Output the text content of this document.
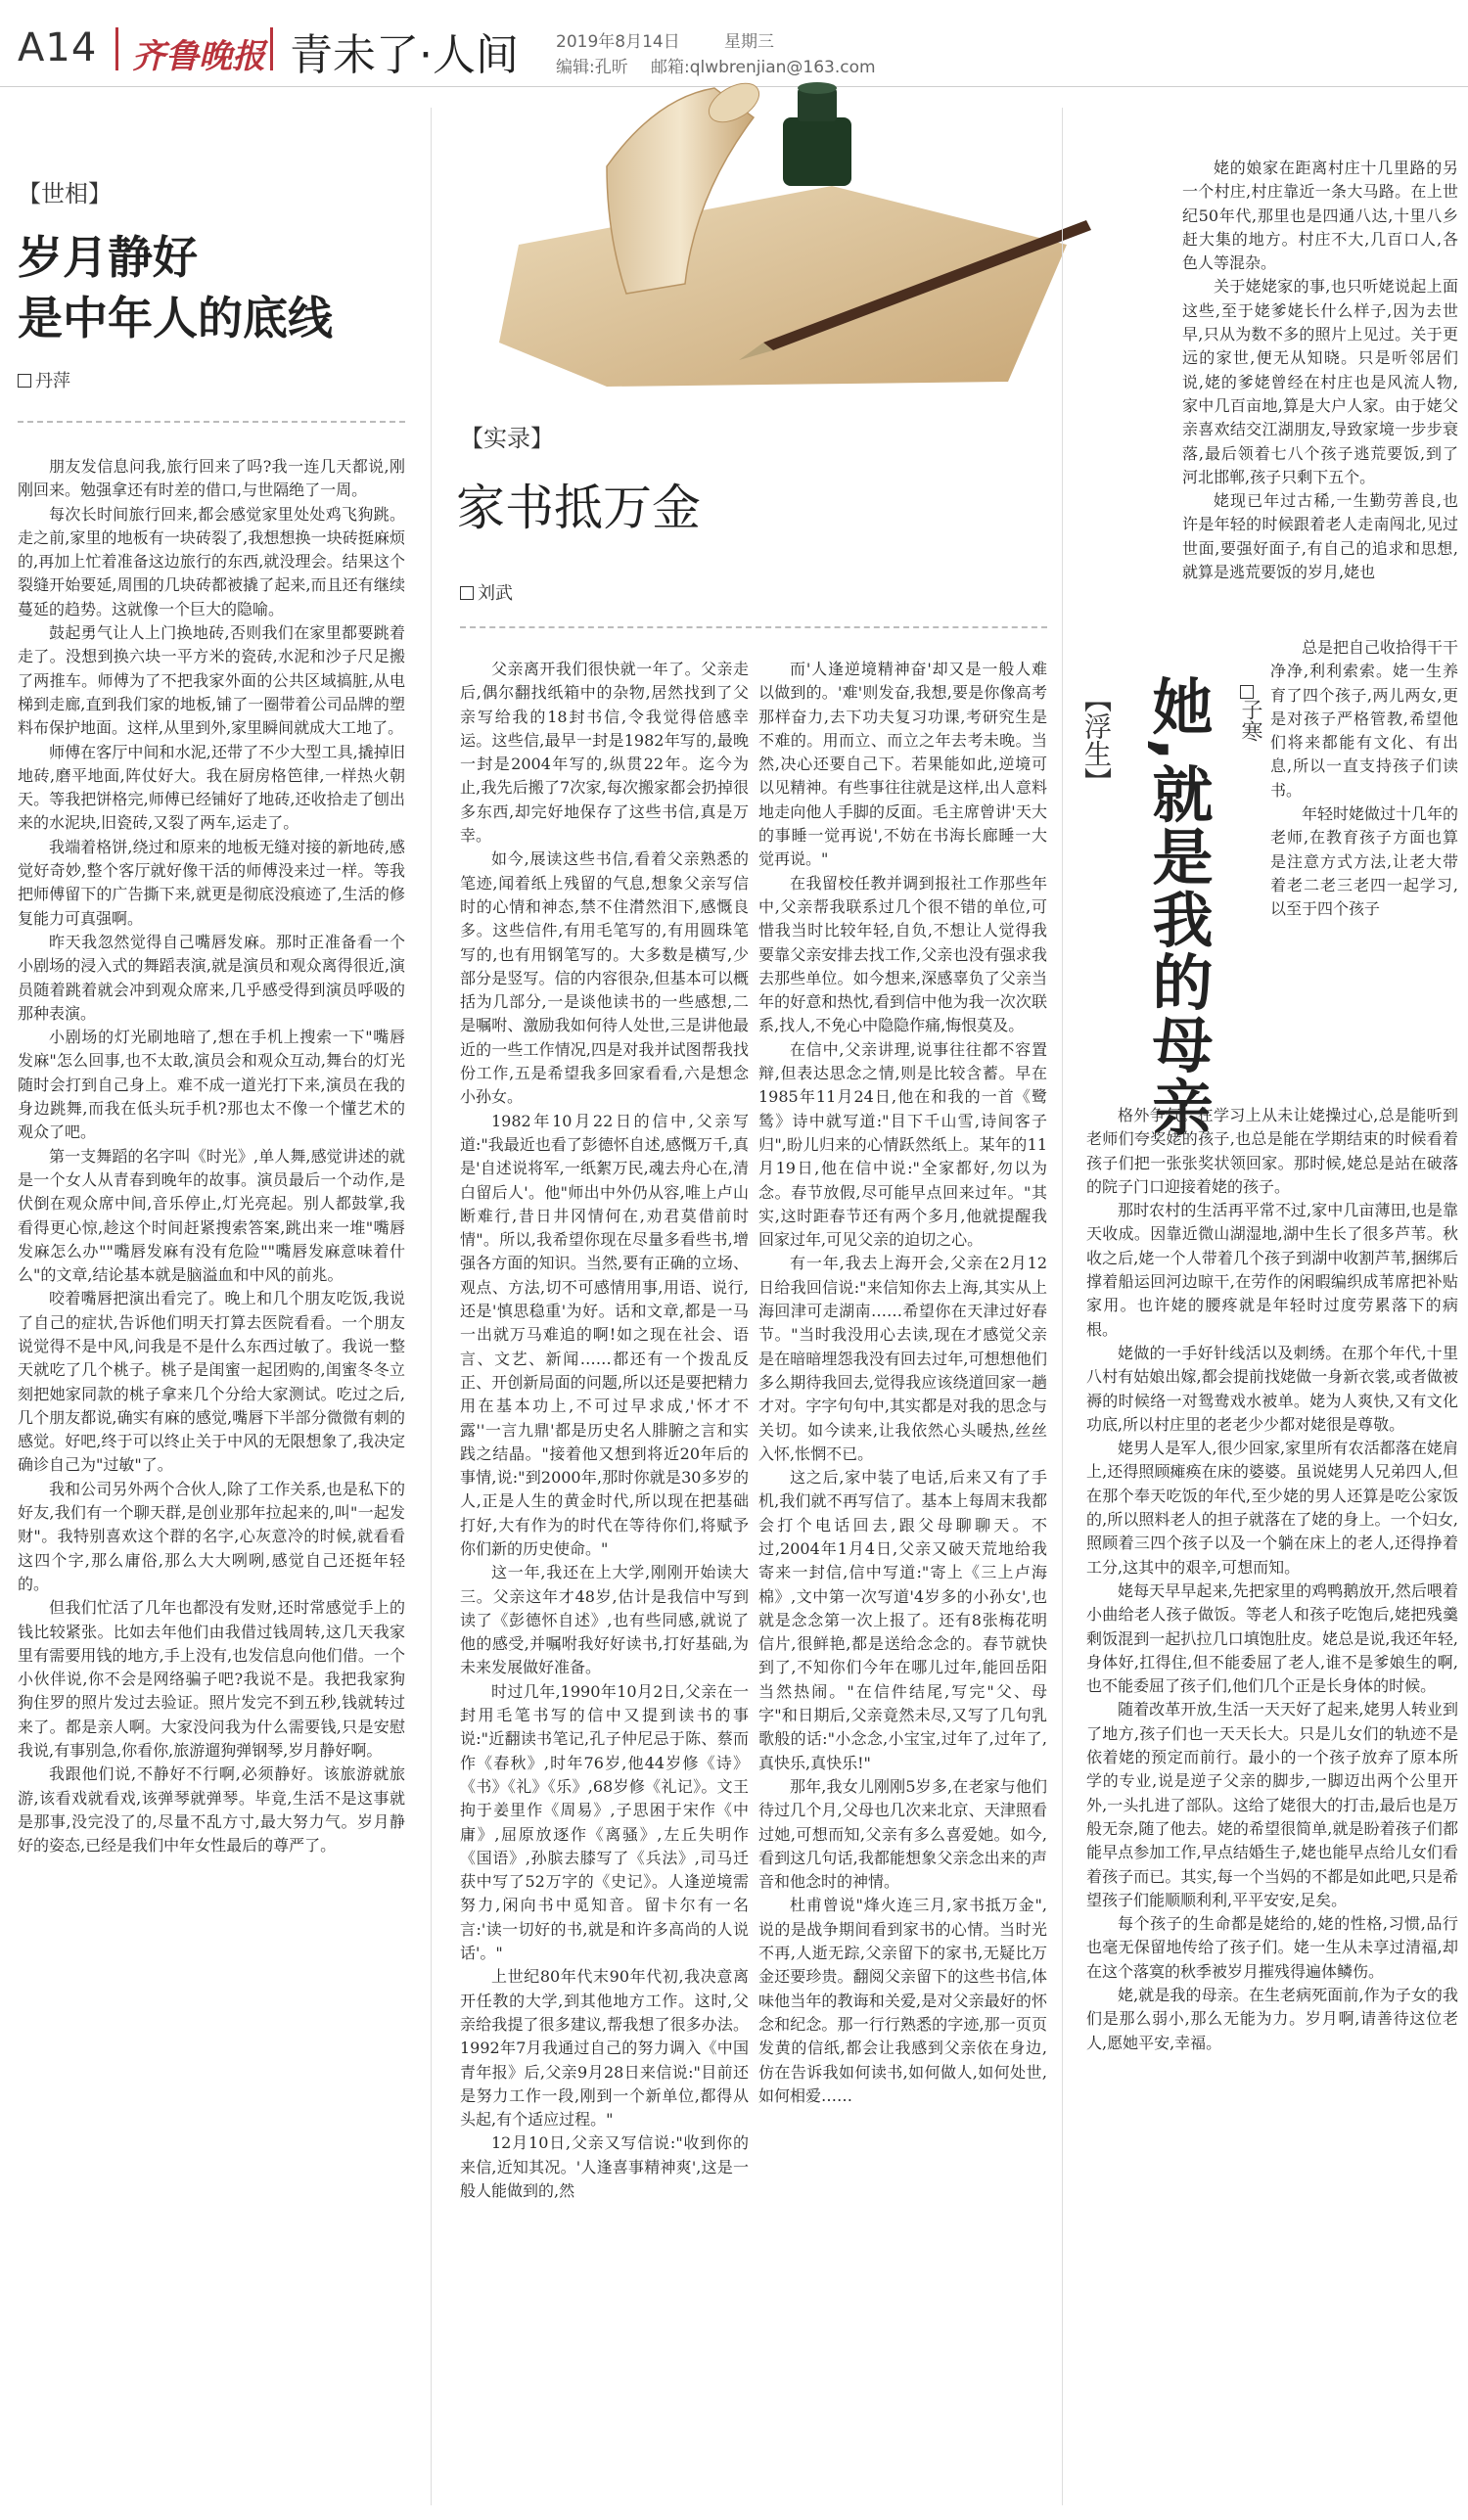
A14 齐鲁晚报 青未了·人间 2019年8月14日	星期三
编辑:孔昕 邮箱:qlwbrenjian@163.com
【世相】
岁月静好
是中年人的底线
丹萍

朋友发信息问我,旅行回来了吗?我一连几天都说,刚刚回来。勉强拿还有时差的借口,与世隔绝了一周。

每次长时间旅行回来,都会感觉家里处处鸡飞狗跳。走之前,家里的地板有一块砖裂了,我想想换一块砖挺麻烦的,再加上忙着准备这边旅行的东西,就没理会。结果这个裂缝开始要延,周围的几块砖都被撬了起来,而且还有继续蔓延的趋势。这就像一个巨大的隐喻。

鼓起勇气让人上门换地砖,否则我们在家里都要跳着走了。没想到换六块一平方米的瓷砖,水泥和沙子尺足搬了两推车。师傅为了不把我家外面的公共区域搞脏,从电梯到走廊,直到我们家的地板,铺了一圈带着公司品牌的塑料布保护地面。这样,从里到外,家里瞬间就成大工地了。

师傅在客厅中间和水泥,还带了不少大型工具,撬掉旧地砖,磨平地面,阵仗好大。我在厨房格笆律,一样热火朝天。等我把饼格完,师傅已经铺好了地砖,还收拾走了刨出来的水泥块,旧瓷砖,又裂了两车,运走了。

我端着格饼,绕过和原来的地板无缝对接的新地砖,感觉好奇妙,整个客厅就好像干活的师傅没来过一样。等我把师傅留下的广告撕下来,就更是彻底没痕迹了,生活的修复能力可真强啊。

昨天我忽然觉得自己嘴唇发麻。那时正准备看一个小剧场的浸入式的舞蹈表演,就是演员和观众离得很近,演员随着跳着就会冲到观众席来,几乎感受得到演员呼吸的那种表演。

小剧场的灯光刷地暗了,想在手机上搜索一下"嘴唇发麻"怎么回事,也不太敢,演员会和观众互动,舞台的灯光随时会打到自己身上。难不成一道光打下来,演员在我的身边跳舞,而我在低头玩手机?那也太不像一个懂艺术的观众了吧。

第一支舞蹈的名字叫《时光》,单人舞,感觉讲述的就是一个女人从青春到晚年的故事。演员最后一个动作,是伏倒在观众席中间,音乐停止,灯光亮起。别人都鼓掌,我看得更心惊,趁这个时间赶紧搜索答案,跳出来一堆"嘴唇发麻怎么办""嘴唇发麻有没有危险""嘴唇发麻意味着什么"的文章,结论基本就是脑溢血和中风的前兆。

咬着嘴唇把演出看完了。晚上和几个朋友吃饭,我说了自己的症状,告诉他们明天打算去医院看看。一个朋友说觉得不是中风,问我是不是什么东西过敏了。我说一整天就吃了几个桃子。桃子是闺蜜一起团购的,闺蜜冬冬立刻把她家同款的桃子拿来几个分给大家测试。吃过之后,几个朋友都说,确实有麻的感觉,嘴唇下半部分微微有刺的感觉。好吧,终于可以终止关于中风的无限想象了,我决定确诊自己为"过敏"了。

我和公司另外两个合伙人,除了工作关系,也是私下的好友,我们有一个聊天群,是创业那年拉起来的,叫"一起发财"。我特别喜欢这个群的名字,心灰意冷的时候,就看看这四个字,那么庸俗,那么大大咧咧,感觉自己还挺年轻的。

但我们忙活了几年也都没有发财,还时常感觉手上的钱比较紧张。比如去年他们由我借过钱周转,这几天我家里有需要用钱的地方,手上没有,也发信息向他们借。一个小伙伴说,你不会是网络骗子吧?我说不是。我把我家狗狗住罗的照片发过去验证。照片发完不到五秒,钱就转过来了。都是亲人啊。大家没问我为什么需要钱,只是安慰我说,有事别急,你看你,旅游遛狗弹钢琴,岁月静好啊。

我跟他们说,不静好不行啊,必须静好。该旅游就旅游,该看戏就看戏,该弹琴就弹琴。毕竟,生活不是这事就是那事,没完没了的,尽量不乱方寸,最大努力气。岁月静好的姿态,已经是我们中年女性最后的尊严了。

【实录】
家书抵万金
刘武

父亲离开我们很快就一年了。父亲走后,偶尔翻找纸箱中的杂物,居然找到了父亲写给我的18封书信,令我觉得倍感幸运。这些信,最早一封是1982年写的,最晚一封是2004年写的,纵贯22年。迄今为止,我先后搬了7次家,每次搬家都会扔掉很多东西,却完好地保存了这些书信,真是万幸。

如今,展读这些书信,看着父亲熟悉的笔迹,闻着纸上残留的气息,想象父亲写信时的心情和神态,禁不住潸然泪下,感慨良多。这些信件,有用毛笔写的,有用圆珠笔写的,也有用钢笔写的。大多数是横写,少部分是竖写。信的内容很杂,但基本可以概括为几部分,一是谈他读书的一些感想,二是嘱咐、激励我如何待人处世,三是讲他最近的一些工作情况,四是对我并试图帮我找份工作,五是希望我多回家看看,六是想念小孙女。

1982年10月22日的信中,父亲写道:"我最近也看了彭德怀自述,感慨万千,真是'自述说将军,一纸絮万民,魂去舟心在,清白留后人'。他"师出中外仍从容,唯上卢山断难行,昔日井冈情何在,劝君莫借前时情"。所以,我希望你现在尽量多看些书,增强各方面的知识。当然,要有正确的立场、观点、方法,切不可感情用事,用语、说行,还是'慎思稳重'为好。话和文章,都是一马一出就万马难追的啊!如之现在社会、语言、文艺、新闻……都还有一个拨乱反正、开创新局面的问题,所以还是要把精力用在基本功上,不可过早求成,'怀才不露''一言九鼎'都是历史名人腓腑之言和实践之结晶。"接着他又想到将近20年后的事情,说:"到2000年,那时你就是30多岁的人,正是人生的黄金时代,所以现在把基础打好,大有作为的时代在等待你们,将赋予你们新的历史使命。"

这一年,我还在上大学,刚刚开始读大三。父亲这年才48岁,估计是我信中写到读了《彭德怀自述》,也有些同感,就说了他的感受,并嘱咐我好好读书,打好基础,为未来发展做好准备。

时过几年,1990年10月2日,父亲在一封用毛笔书写的信中又提到读书的事说:"近翻读书笔记,孔子仲尼忌于陈、蔡而作《春秋》,时年76岁,他44岁修《诗》《书》《礼》《乐》,68岁修《礼记》。文王拘于姜里作《周易》,子思困于宋作《中庸》,屈原放逐作《离骚》,左丘失明作《国语》,孙膑去膝写了《兵法》,司马迁获中写了52万字的《史记》。人逢逆境需努力,闲向书中觅知音。留卡尔有一名言:'读一切好的书,就是和许多高尚的人说话'。"

上世纪80年代末90年代初,我决意离开任教的大学,到其他地方工作。这时,父亲给我提了很多建议,帮我想了很多办法。1992年7月我通过自己的努力调入《中国青年报》后,父亲9月28日来信说:"目前还是努力工作一段,刚到一个新单位,都得从头起,有个适应过程。"

12月10日,父亲又写信说:"收到你的来信,近知其况。'人逢喜事精神爽',这是一般人能做到的,然

而'人逢逆境精神奋'却又是一般人难以做到的。'难'则发奋,我想,要是你像高考那样奋力,去下功夫复习功课,考研究生是不难的。用而立、而立之年去考未晚。当然,决心还要自己下。若果能如此,逆境可以见精神。有些事往往就是这样,出人意料地走向他人手脚的反面。毛主席曾讲'天大的事睡一觉再说',不妨在书海长廊睡一大觉再说。"

在我留校任教并调到报社工作那些年中,父亲帮我联系过几个很不错的单位,可惜我当时比较年轻,自负,不想让人觉得我要靠父亲安排去找工作,父亲也没有强求我去那些单位。如今想来,深感辜负了父亲当年的好意和热忱,看到信中他为我一次次联系,找人,不免心中隐隐作痛,悔恨莫及。

在信中,父亲讲理,说事往往都不容置辩,但表达思念之情,则是比较含蓄。早在1985年11月24日,他在和我的一首《鹭鸶》诗中就写道:"目下千山雪,诗间客子归",盼儿归来的心情跃然纸上。某年的11月19日,他在信中说:"全家都好,勿以为念。春节放假,尽可能早点回来过年。"其实,这时距春节还有两个多月,他就提醒我回家过年,可见父亲的迫切之心。

有一年,我去上海开会,父亲在2月12日给我回信说:"来信知你去上海,其实从上海回津可走湖南……希望你在天津过好春节。"当时我没用心去读,现在才感觉父亲是在暗暗埋怨我没有回去过年,可想想他们多么期待我回去,觉得我应该绕道回家一趟才对。字字句句中,其实都是对我的思念与关切。如今读来,让我依然心头暖热,丝丝入怀,怅惘不已。

这之后,家中装了电话,后来又有了手机,我们就不再写信了。基本上每周末我都会打个电话回去,跟父母聊聊天。不过,2004年1月4日,父亲又破天荒地给我寄来一封信,信中写道:"寄上《三上卢海棉》,文中第一次写道'4岁多的小孙女',也就是念念第一次上报了。还有8张梅花明信片,很鲜艳,都是送给念念的。春节就快到了,不知你们今年在哪儿过年,能回岳阳当然热闹。"在信件结尾,写完"父、母字"和日期后,父亲竟然未尽,又写了几句乳歌般的话:"小念念,小宝宝,过年了,过年了,真快乐,真快乐!"

那年,我女儿刚刚5岁多,在老家与他们待过几个月,父母也几次来北京、天津照看过她,可想而知,父亲有多么喜爱她。如今,看到这几句话,我都能想象父亲念出来的声音和他念时的神情。

杜甫曾说"烽火连三月,家书抵万金",说的是战争期间看到家书的心情。当时光不再,人逝无踪,父亲留下的家书,无疑比万金还要珍贵。翻阅父亲留下的这些书信,体味他当年的教诲和关爱,是对父亲最好的怀念和纪念。那一行行熟悉的字迹,那一页页发黄的信纸,都会让我感到父亲依在身边,仿在告诉我如何读书,如何做人,如何处世,如何相爱……

姥的娘家在距离村庄十几里路的另一个村庄,村庄靠近一条大马路。在上世纪50年代,那里也是四通八达,十里八乡赶大集的地方。村庄不大,几百口人,各色人等混杂。

关于姥姥家的事,也只听姥说起上面这些,至于姥爹姥长什么样子,因为去世早,只从为数不多的照片上见过。关于更远的家世,便无从知晓。只是听邻居们说,姥的爹姥曾经在村庄也是风流人物,家中几百亩地,算是大户人家。由于姥父亲喜欢结交江湖朋友,导致家境一步步衰落,最后领着七八个孩子逃荒要饭,到了河北邯郸,孩子只剩下五个。

姥现已年过古稀,一生勤劳善良,也许是年轻的时候跟着老人走南闯北,见过世面,要强好面子,有自己的追求和思想,就算是逃荒要饭的岁月,姥也

【浮生】 她,就是我的母亲 子寒

总是把自己收拾得干干净净,利利索索。姥一生养育了四个孩子,两儿两女,更是对孩子严格管教,希望他们将来都能有文化、有出息,所以一直支持孩子们读书。

年轻时姥做过十几年的老师,在教育孩子方面也算是注意方式方法,让老大带着老二老三老四一起学习,以至于四个孩子

格外争气。在学习上从未让姥操过心,总是能听到老师们夸奖姥的孩子,也总是能在学期结束的时候看着孩子们把一张张奖状领回家。那时候,姥总是站在破落的院子门口迎接着姥的孩子。

那时农村的生活再平常不过,家中几亩薄田,也是靠天收成。因靠近微山湖湿地,湖中生长了很多芦苇。秋收之后,姥一个人带着几个孩子到湖中收割芦苇,捆绑后撑着船运回河边晾干,在劳作的闲暇编织成苇席把补贴家用。也许姥的腰疼就是年轻时过度劳累落下的病根。

姥做的一手好针线活以及刺绣。在那个年代,十里八村有姑娘出嫁,都会提前找姥做一身新衣裳,或者做被褥的时候络一对鸳鸯戏水被单。姥为人爽快,又有文化功底,所以村庄里的老老少少都对姥很是尊敬。

姥男人是军人,很少回家,家里所有农活都落在姥肩上,还得照顾瘫痪在床的婆婆。虽说姥男人兄弟四人,但在那个奉天吃饭的年代,至少姥的男人还算是吃公家饭的,所以照料老人的担子就落在了姥的身上。一个妇女,照顾着三四个孩子以及一个躺在床上的老人,还得挣着工分,这其中的艰辛,可想而知。

姥每天早早起来,先把家里的鸡鸭鹅放开,然后喂着小曲给老人孩子做饭。等老人和孩子吃饱后,姥把残羹剩饭混到一起扒拉几口填饱肚皮。姥总是说,我还年轻,身体好,扛得住,但不能委屈了老人,谁不是爹娘生的啊,也不能委屈了孩子们,他们几个正是长身体的时候。

随着改革开放,生活一天天好了起来,姥男人转业到了地方,孩子们也一天天长大。只是儿女们的轨迹不是依着姥的预定而前行。最小的一个孩子放弃了原本所学的专业,说是逆子父亲的脚步,一脚迈出两个公里开外,一头扎进了部队。这给了姥很大的打击,最后也是万般无奈,随了他去。姥的希望很简单,就是盼着孩子们都能早点参加工作,早点结婚生子,姥也能早点给儿女们看着孩子而已。其实,每一个当妈的不都是如此吧,只是希望孩子们能顺顺利利,平平安安,足矣。

每个孩子的生命都是姥给的,姥的性格,习惯,品行也毫无保留地传给了孩子们。姥一生从未享过清福,却在这个落寞的秋季被岁月摧残得遍体鳞伤。

姥,就是我的母亲。在生老病死面前,作为子女的我们是那么弱小,那么无能为力。岁月啊,请善待这位老人,愿她平安,幸福。
